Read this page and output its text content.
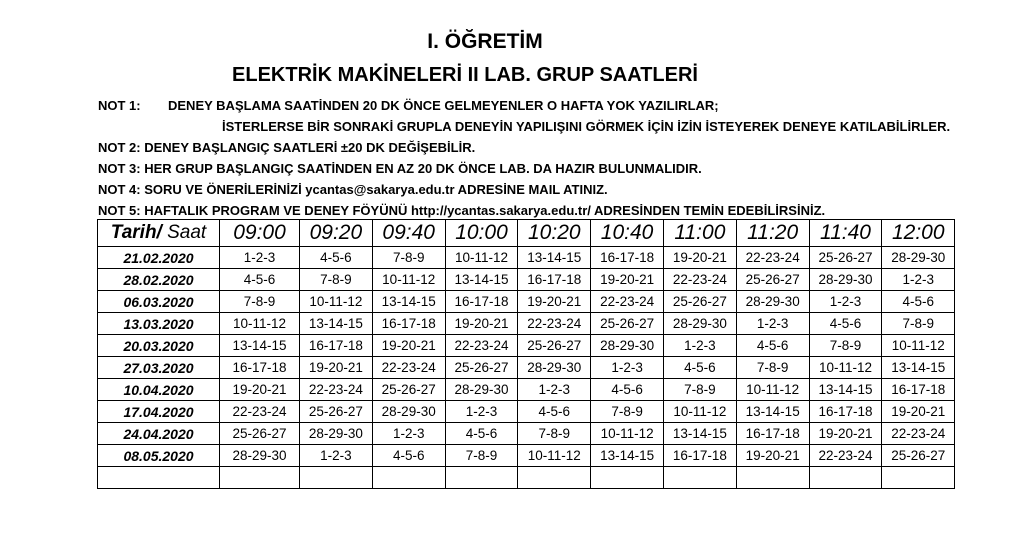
I. ÖĞRETİM
ELEKTRİK MAKİNELERİ II LAB. GRUP SAATLERİ
NOT 1: DENEY BAŞLAMA SAATİNDEN 20 DK ÖNCE GELMEYENLER O HAFTA YOK YAZILIRLAR;
İSTERLERSE BİR SONRAKİ GRUPLA DENEYİN YAPILIŞINI GÖRMEK İÇİN İZİN İSTEYEREK DENEYE KATILABİLİRLER.
NOT 2: DENEY BAŞLANGIÇ SAATLERİ ±20 DK DEĞİŞEBİLİR.
NOT 3: HER GRUP BAŞLANGIÇ SAATİNDEN EN AZ 20 DK ÖNCE LAB. DA HAZIR BULUNMALIDIR.
NOT 4: SORU VE ÖNERİLERİNİZİ ycantas@sakarya.edu.tr ADRESİNE MAIL ATINIZ.
NOT 5: HAFTALIK PROGRAM VE DENEY FÖYÜNÜ http://ycantas.sakarya.edu.tr/ ADRESİNDEN TEMİN EDEBİLİRSİNİZ.
Tarih/ Saat	09:00	09:20	09:40	10:00	10:20	10:40	11:00	11:20	11:40	12:00
21.02.2020	1-2-3	4-5-6	7-8-9	10-11-12	13-14-15	16-17-18	19-20-21	22-23-24	25-26-27	28-29-30
28.02.2020	4-5-6	7-8-9	10-11-12	13-14-15	16-17-18	19-20-21	22-23-24	25-26-27	28-29-30	1-2-3
06.03.2020	7-8-9	10-11-12	13-14-15	16-17-18	19-20-21	22-23-24	25-26-27	28-29-30	1-2-3	4-5-6
13.03.2020	10-11-12	13-14-15	16-17-18	19-20-21	22-23-24	25-26-27	28-29-30	1-2-3	4-5-6	7-8-9
20.03.2020	13-14-15	16-17-18	19-20-21	22-23-24	25-26-27	28-29-30	1-2-3	4-5-6	7-8-9	10-11-12
27.03.2020	16-17-18	19-20-21	22-23-24	25-26-27	28-29-30	1-2-3	4-5-6	7-8-9	10-11-12	13-14-15
10.04.2020	19-20-21	22-23-24	25-26-27	28-29-30	1-2-3	4-5-6	7-8-9	10-11-12	13-14-15	16-17-18
17.04.2020	22-23-24	25-26-27	28-29-30	1-2-3	4-5-6	7-8-9	10-11-12	13-14-15	16-17-18	19-20-21
24.04.2020	25-26-27	28-29-30	1-2-3	4-5-6	7-8-9	10-11-12	13-14-15	16-17-18	19-20-21	22-23-24
08.05.2020	28-29-30	1-2-3	4-5-6	7-8-9	10-11-12	13-14-15	16-17-18	19-20-21	22-23-24	25-26-27
